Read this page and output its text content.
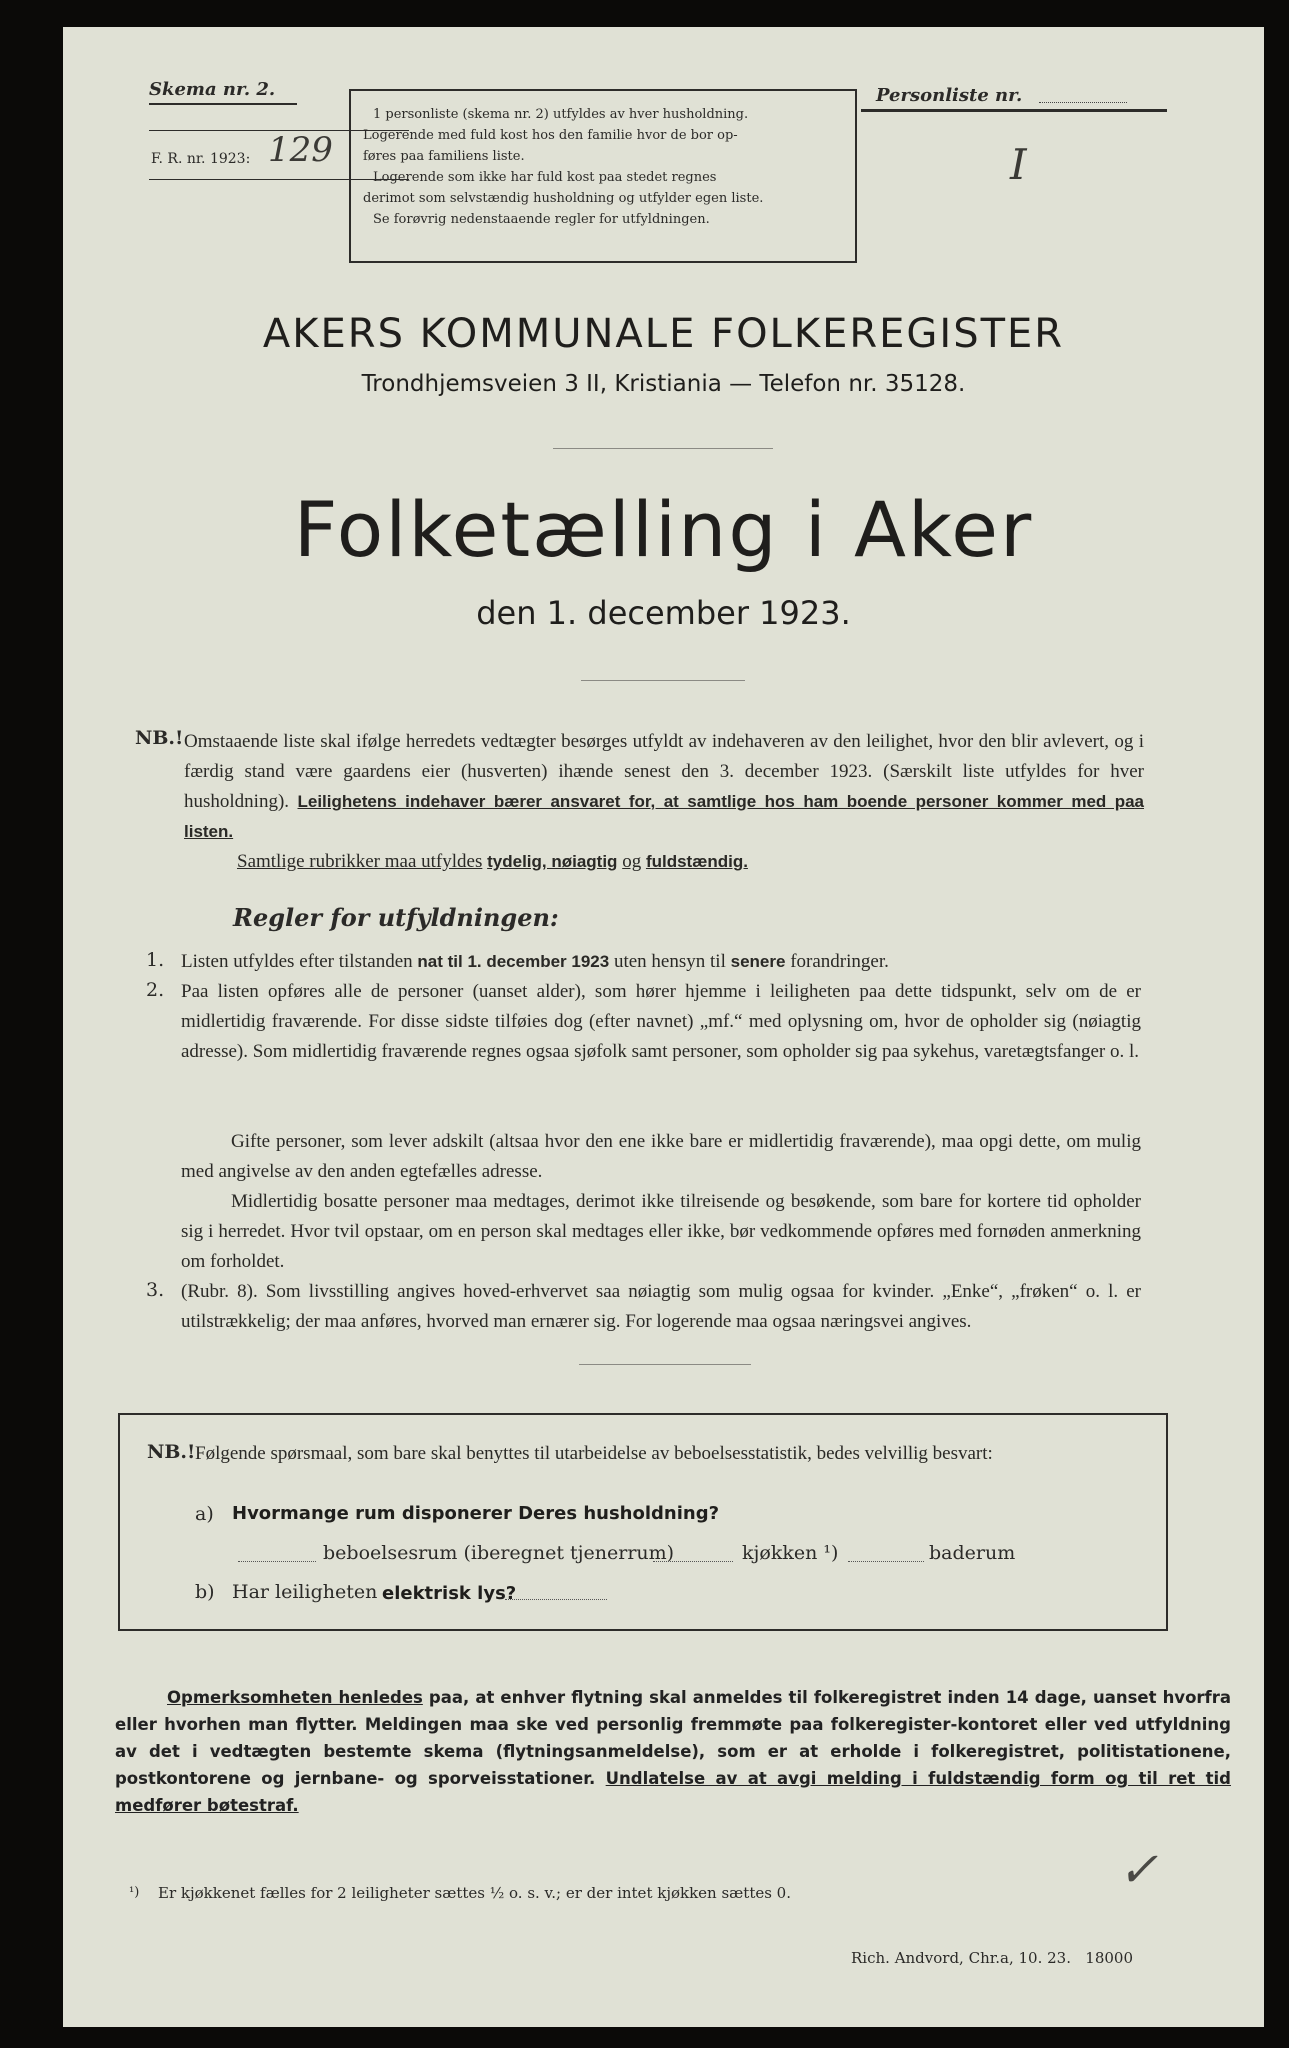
Skema nr. 2.
F. R. nr. 1923: 129
1 personliste (skema nr. 2) utfyldes av hver husholdning.
Logerende med fuld kost hos den familie hvor de bor op-
føres paa familiens liste.
Logerende som ikke har fuld kost paa stedet regnes
derimot som selvstændig husholdning og utfylder egen liste.
Se forøvrig nedenstaaende regler for utfyldningen.
Personliste nr.
I
AKERS KOMMUNALE FOLKEREGISTER
Trondhjemsveien 3 II, Kristiania — Telefon nr. 35128.
Folketælling i Aker
den 1. december 1923.
NB.! Omstaaende liste skal ifølge herredets vedtægter besørges utfyldt av indehaveren av den leilighet, hvor den blir avlevert, og i færdig stand være gaardens eier (husverten) ihænde senest den 3. december 1923. (Særskilt liste utfyldes for hver husholdning). Leilighetens indehaver bærer ansvaret for, at samtlige hos ham boende personer kommer med paa listen.
Samtlige rubrikker maa utfyldes tydelig, nøiagtig og fuldstændig.
Regler for utfyldningen:
1. Listen utfyldes efter tilstanden nat til 1. december 1923 uten hensyn til senere forandringer.
2. Paa listen opføres alle de personer (uanset alder), som hører hjemme i leiligheten paa dette tidspunkt, selv om de er midlertidig fraværende. For disse sidste tilføies dog (efter navnet) „mf.“ med oplysning om, hvor de opholder sig (nøiagtig adresse). Som midlertidig fraværende regnes ogsaa sjøfolk samt personer, som opholder sig paa sykehus, varetægtsfanger o. l.
Gifte personer, som lever adskilt (altsaa hvor den ene ikke bare er midlertidig fraværende), maa opgi dette, om mulig med angivelse av den anden egtefælles adresse.
Midlertidig bosatte personer maa medtages, derimot ikke tilreisende og besøkende, som bare for kortere tid opholder sig i herredet. Hvor tvil opstaar, om en person skal medtages eller ikke, bør vedkommende opføres med fornøden anmerkning om forholdet.
3. (Rubr. 8). Som livsstilling angives hoved-erhvervet saa nøiagtig som mulig ogsaa for kvinder. „Enke“, „frøken“ o. l. er utilstrækkelig; der maa anføres, hvorved man ernærer sig. For logerende maa ogsaa næringsvei angives.
NB.! Følgende spørsmaal, som bare skal benyttes til utarbeidelse av beboelsesstatistik, bedes velvillig besvart:
a) Hvormange rum disponerer Deres husholdning?
beboelsesrum (iberegnet tjenerrum)	kjøkken ¹)	baderum
b) Har leiligheten elektrisk lys?
Opmerksomheten henledes paa, at enhver flytning skal anmeldes til folkeregistret inden 14 dage, uanset hvorfra eller hvorhen man flytter. Meldingen maa ske ved personlig fremmøte paa folkeregister-kontoret eller ved utfyldning av det i vedtægten bestemte skema (flytningsanmeldelse), som er at erholde i folkeregistret, politistationene, postkontorene og jernbane- og sporveisstationer. Undlatelse av at avgi melding i fuldstændig form og til ret tid medfører bøtestraf.
¹) Er kjøkkenet fælles for 2 leiligheter sættes ½ o. s. v.; er der intet kjøkken sættes 0.	✓
Rich. Andvord, Chr.a, 10. 23.   18000
